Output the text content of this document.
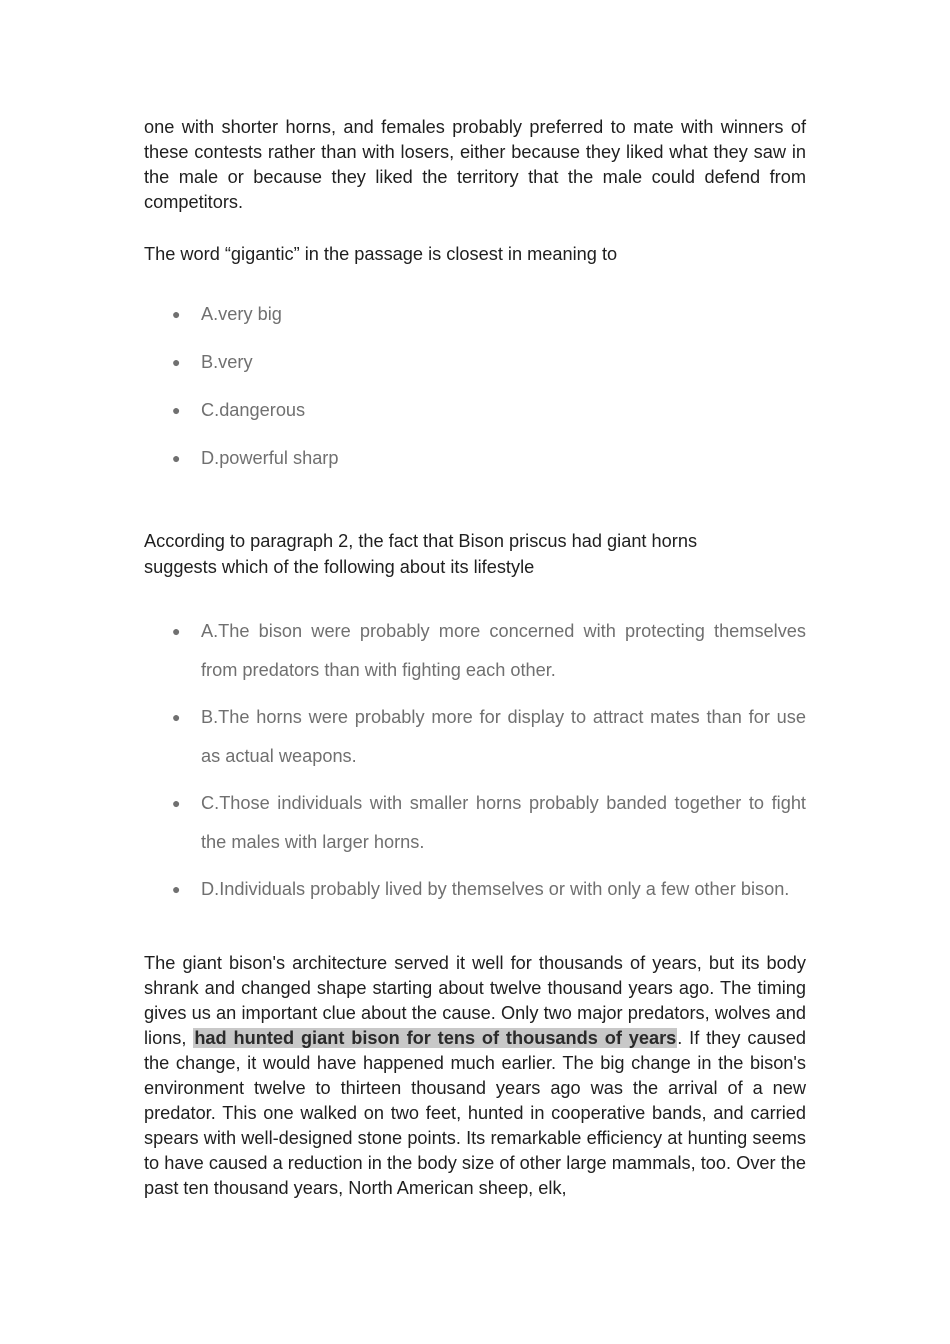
one with shorter horns, and females probably preferred to mate with winners of these contests rather than with losers, either because they liked what they saw in the male or because they liked the territory that the male could defend from competitors.

The word “gigantic” in the passage is closest in meaning to

● A.very big
● B.very
● C.dangerous
● D.powerful sharp

According to paragraph 2, the fact that Bison priscus had giant horns
suggests which of the following about its lifestyle

● A.The bison were probably more concerned with protecting themselves from predators than with fighting each other.
● B.The horns were probably more for display to attract mates than for use as actual weapons.
● C.Those individuals with smaller horns probably banded together to fight the males with larger horns.
● D.Individuals probably lived by themselves or with only a few other bison.

The giant bison's architecture served it well for thousands of years, but its body shrank and changed shape starting about twelve thousand years ago. The timing gives us an important clue about the cause. Only two major predators, wolves and lions, had hunted giant bison for tens of thousands of years. If they caused the change, it would have happened much earlier. The big change in the bison's environment twelve to thirteen thousand years ago was the arrival of a new predator. This one walked on two feet, hunted in cooperative bands, and carried spears with well-designed stone points. Its remarkable efficiency at hunting seems to have caused a reduction in the body size of other large mammals, too. Over the past ten thousand years, North American sheep, elk,
